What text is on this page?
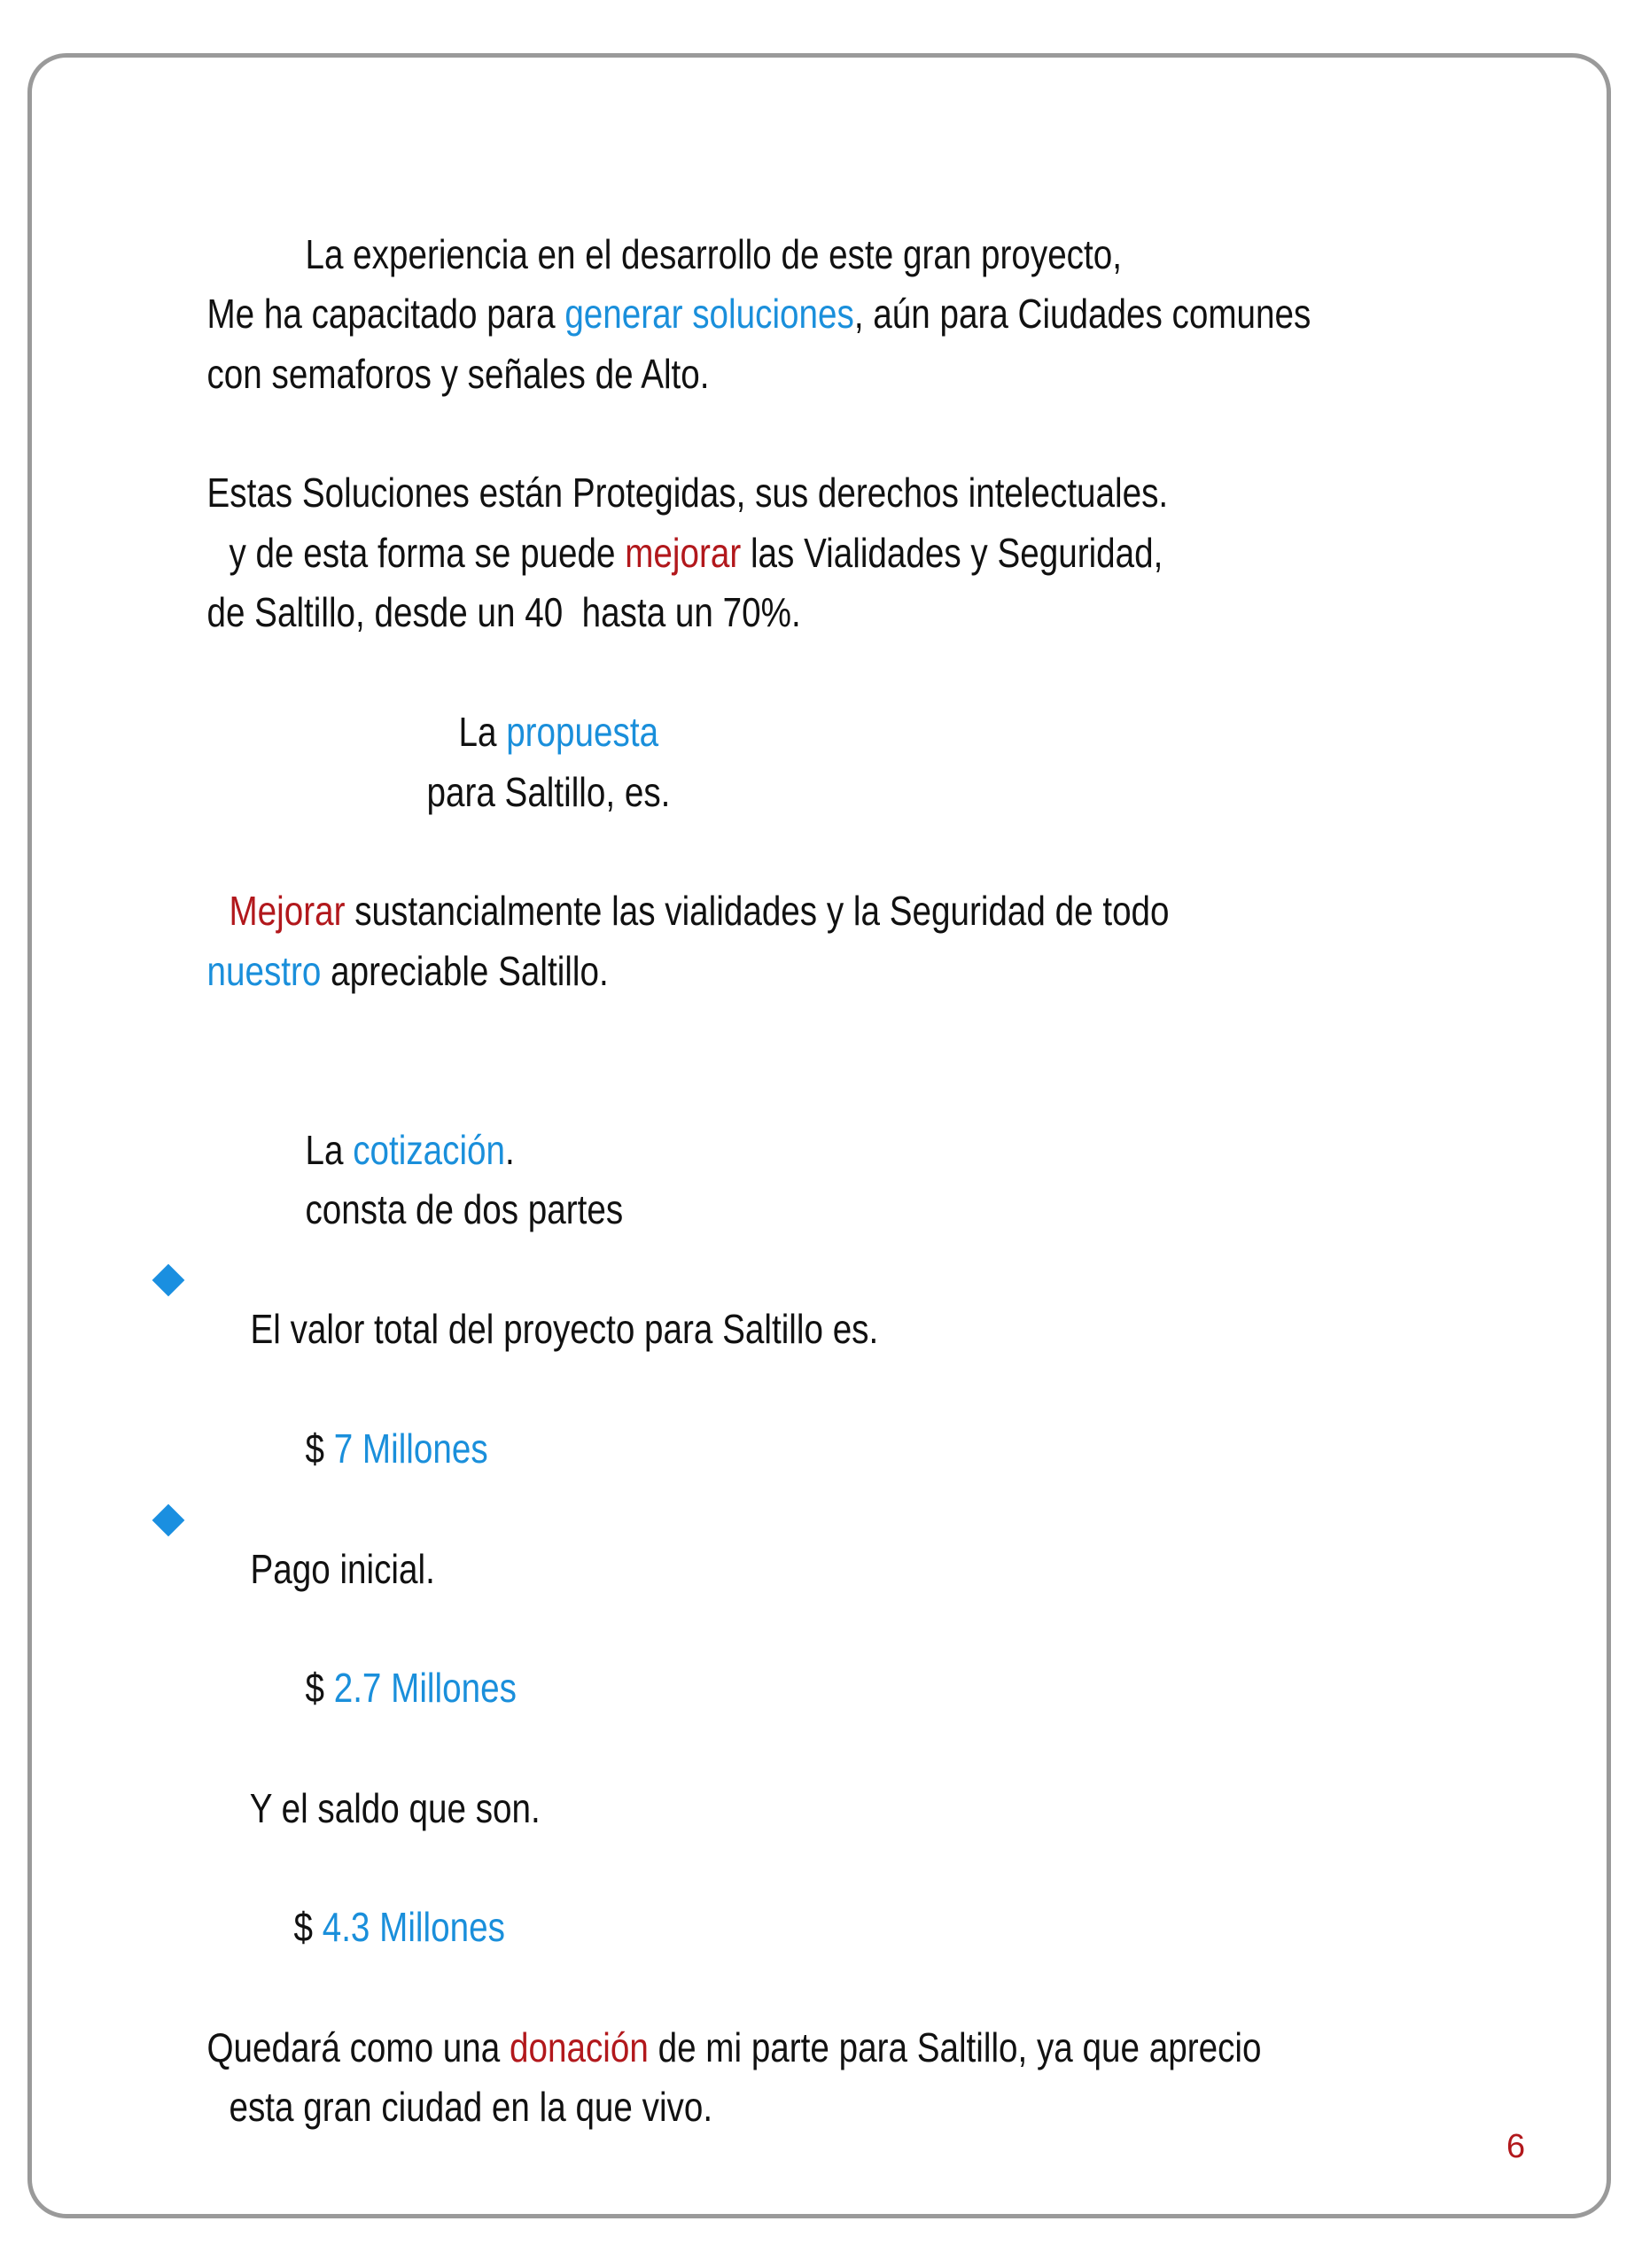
La experiencia en el desarrollo de este gran proyecto,

Me ha capacitado para generar soluciones, aún para Ciudades comunes

con semaforos y señales de Alto.

Estas Soluciones están Protegidas, sus derechos intelectuales.

y de esta forma se puede mejorar las Vialidades y Seguridad,

de Saltillo, desde un 40  hasta un 70%.

La propuesta

para Saltillo, es.

Mejorar sustancialmente las vialidades y la Seguridad de todo

nuestro apreciable Saltillo.

La cotización.

consta de dos partes

El valor total del proyecto para Saltillo es.

$ 7 Millones

Pago inicial.

$ 2.7 Millones

Y el saldo que son.

$ 4.3 Millones

Quedará como una donación de mi parte para Saltillo, ya que aprecio

esta gran ciudad en la que vivo.

6
